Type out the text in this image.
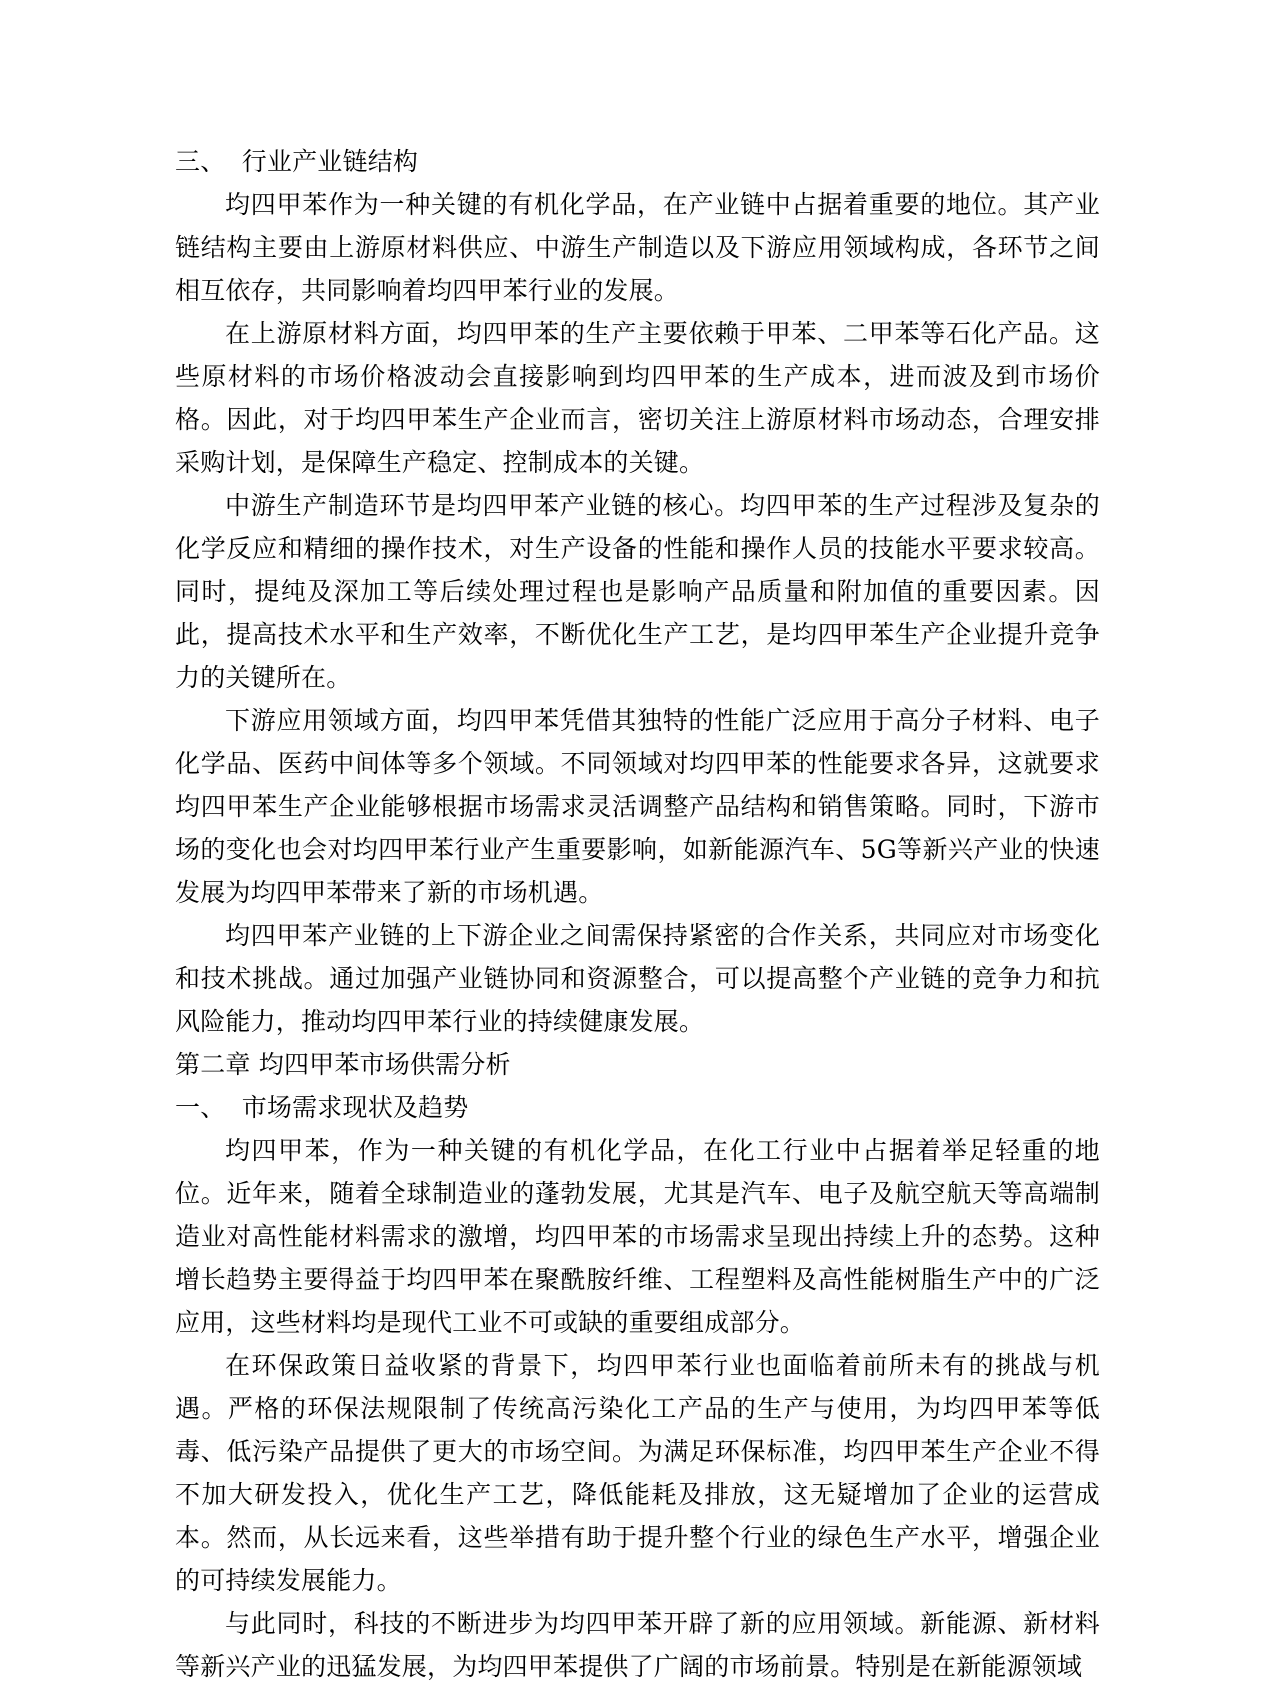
三、  行业产业链结构

均四甲苯作为一种关键的有机化学品，在产业链中占据着重要的地位。其产业链结构主要由上游原材料供应、中游生产制造以及下游应用领域构成，各环节之间相互依存，共同影响着均四甲苯行业的发展。

在上游原材料方面，均四甲苯的生产主要依赖于甲苯、二甲苯等石化产品。这些原材料的市场价格波动会直接影响到均四甲苯的生产成本，进而波及到市场价格。因此，对于均四甲苯生产企业而言，密切关注上游原材料市场动态，合理安排采购计划，是保障生产稳定、控制成本的关键。

中游生产制造环节是均四甲苯产业链的核心。均四甲苯的生产过程涉及复杂的化学反应和精细的操作技术，对生产设备的性能和操作人员的技能水平要求较高。同时，提纯及深加工等后续处理过程也是影响产品质量和附加值的重要因素。因此，提高技术水平和生产效率，不断优化生产工艺，是均四甲苯生产企业提升竞争力的关键所在。

下游应用领域方面，均四甲苯凭借其独特的性能广泛应用于高分子材料、电子化学品、医药中间体等多个领域。不同领域对均四甲苯的性能要求各异，这就要求均四甲苯生产企业能够根据市场需求灵活调整产品结构和销售策略。同时，下游市场的变化也会对均四甲苯行业产生重要影响，如新能源汽车、5G等新兴产业的快速发展为均四甲苯带来了新的市场机遇。

均四甲苯产业链的上下游企业之间需保持紧密的合作关系，共同应对市场变化和技术挑战。通过加强产业链协同和资源整合，可以提高整个产业链的竞争力和抗风险能力，推动均四甲苯行业的持续健康发展。

第二章 均四甲苯市场供需分析

一、  市场需求现状及趋势

均四甲苯，作为一种关键的有机化学品，在化工行业中占据着举足轻重的地位。近年来，随着全球制造业的蓬勃发展，尤其是汽车、电子及航空航天等高端制造业对高性能材料需求的激增，均四甲苯的市场需求呈现出持续上升的态势。这种增长趋势主要得益于均四甲苯在聚酰胺纤维、工程塑料及高性能树脂生产中的广泛应用，这些材料均是现代工业不可或缺的重要组成部分。

在环保政策日益收紧的背景下，均四甲苯行业也面临着前所未有的挑战与机遇。严格的环保法规限制了传统高污染化工产品的生产与使用，为均四甲苯等低毒、低污染产品提供了更大的市场空间。为满足环保标准，均四甲苯生产企业不得不加大研发投入，优化生产工艺，降低能耗及排放，这无疑增加了企业的运营成本。然而，从长远来看，这些举措有助于提升整个行业的绿色生产水平，增强企业的可持续发展能力。

与此同时，科技的不断进步为均四甲苯开辟了新的应用领域。新能源、新材料等新兴产业的迅猛发展，为均四甲苯提供了广阔的市场前景。特别是在新能源领域
